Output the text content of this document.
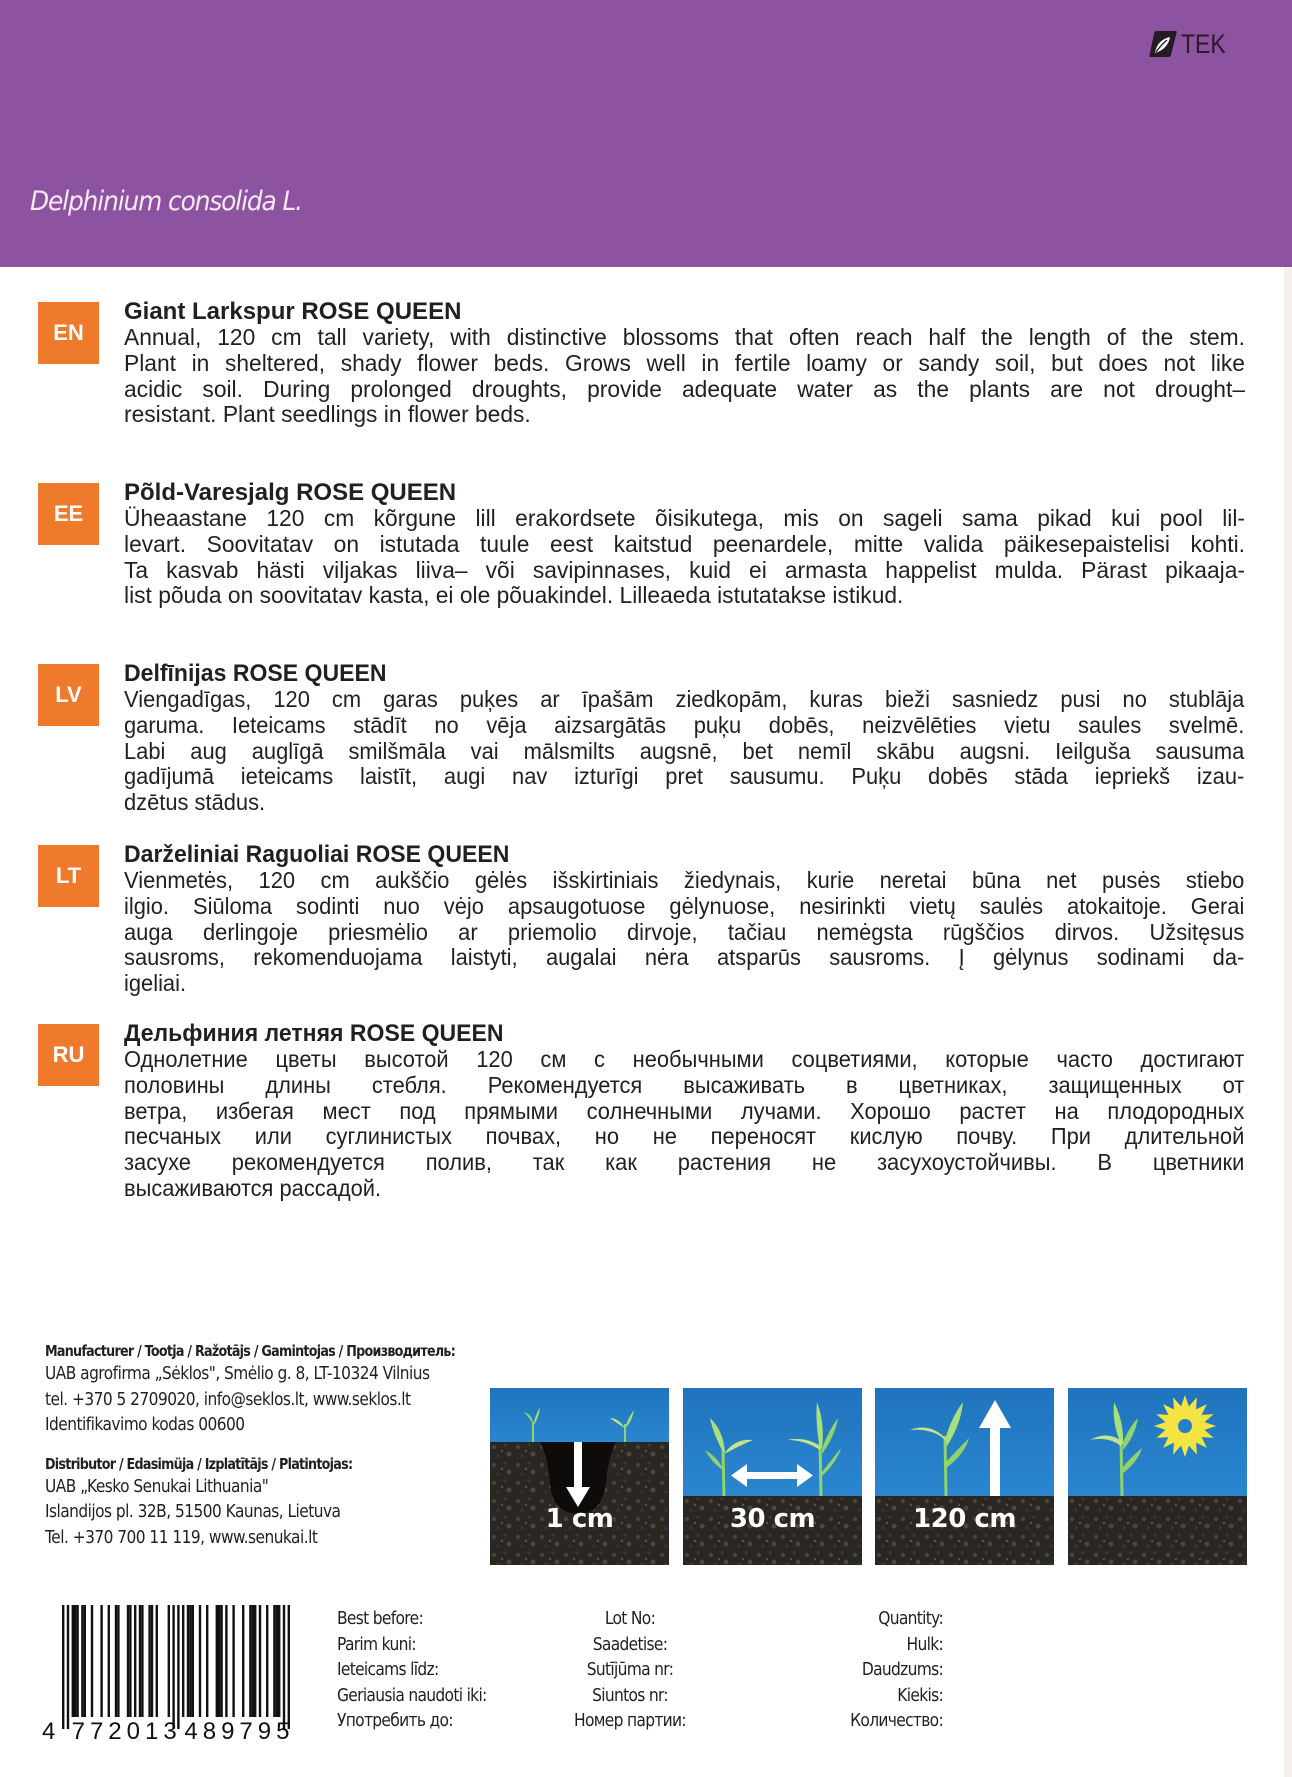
TEK
Delphinium consolida L.
EN
Giant Larkspur ROSE QUEEN
Annual, 120 cm tall variety, with distinctive blossoms that often reach half the length of the stem.
Plant in sheltered, shady flower beds. Grows well in fertile loamy or sandy soil, but does not like
acidic soil. During prolonged droughts, provide adequate water as the plants are not drought–
resistant. Plant seedlings in flower beds.
EE
Põld-Varesjalg ROSE QUEEN
Üheaastane 120 cm kõrgune lill erakordsete õisikutega, mis on sageli sama pikad kui pool lil-
levart. Soovitatav on istutada tuule eest kaitstud peenardele, mitte valida päikesepaistelisi kohti.
Ta kasvab hästi viljakas liiva– või savipinnases, kuid ei armasta happelist mulda. Pärast pikaaja-
list põuda on soovitatav kasta, ei ole põuakindel. Lilleaeda istutatakse istikud.
LV
Delfīnijas ROSE QUEEN
Viengadīgas, 120 cm garas puķes ar īpašām ziedkopām, kuras bieži sasniedz pusi no stublāja
garuma. Ieteicams stādīt no vēja aizsargātās puķu dobēs, neizvēlēties vietu saules svelmē.
Labi aug auglīgā smilšmāla vai mālsmilts augsnē, bet nemīl skābu augsni. Ieilguša sausuma
gadījumā ieteicams laistīt, augi nav izturīgi pret sausumu. Puķu dobēs stāda iepriekš izau-
dzētus stādus.
LT
Darželiniai Raguoliai ROSE QUEEN
Vienmetės, 120 cm aukščio gėlės išskirtiniais žiedynais, kurie neretai būna net pusės stiebo
ilgio. Siūloma sodinti nuo vėjo apsaugotuose gėlynuose, nesirinkti vietų saulės atokaitoje. Gerai
auga derlingoje priesmėlio ar priemolio dirvoje, tačiau nemėgsta rūgščios dirvos. Užsitęsus
sausroms, rekomenduojama laistyti, augalai nėra atsparūs sausroms. Į gėlynus sodinami da-
igeliai.
RU
Дельфиния летняя ROSE QUEEN
Однолетние цветы высотой 120 см с необычными соцветиями, которые часто достигают
половины длины стебля. Рекомендуется высаживать в цветниках, защищенных от
ветра, избегая мест под прямыми солнечными лучами. Хорошо растет на плодородных
песчаных или суглинистых почвах, но не переносят кислую почву. При длительной
засухе рекомендуется полив, так как растения не засухоустойчивы. В цветники
высаживаются рассадой.
Manufacturer / Tootja / Ražotājs / Gamintojas / Производитель:
UAB agrofirma „Sėklos", Smėlio g. 8, LT-10324 Vilnius
tel. +370 5 2709020, info@seklos.lt, www.seklos.lt
Identifikavimo kodas 00600
Distributor / Edasimüja / Izplatītājs / Platintojas:
UAB „Kesko Senukai Lithuania"
Islandijos pl. 32B, 51500 Kaunas, Lietuva
Tel. +370 700 11 119, www.senukai.lt
1 cm	30 cm	120 cm
4 772013 489795
Best before:
Parim kuni:
Ieteicams līdz:
Geriausia naudoti iki:
Употребить до:
Lot No:
Saadetise:
Sutījūma nr:
Siuntos nr:
Номер партии:
Quantity:
Hulk:
Daudzums:
Kiekis:
Количество:
